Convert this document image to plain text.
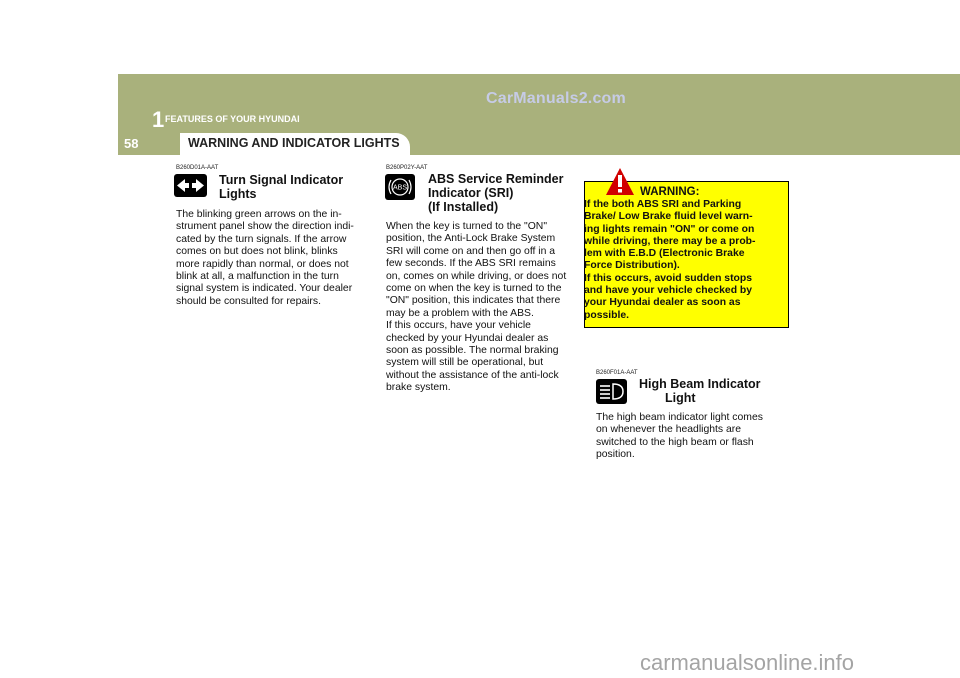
CarManuals2.com
1 FEATURES OF YOUR HYUNDAI
58	WARNING AND INDICATOR LIGHTS
B260D01A-AAT
Turn Signal Indicator
Lights
The blinking green arrows on the in-
strument panel show the direction indi-
cated by the turn signals. If the arrow
comes on but does not blink, blinks
more rapidly than normal, or does not
blink at all, a malfunction in the turn
signal system is indicated. Your dealer
should be consulted for repairs.
B260P02Y-AAT
ABS
ABS Service Reminder
Indicator (SRI)
(If Installed)
When the key is turned to the "ON"
position, the Anti-Lock Brake System
SRI will come on and then go off in a
few seconds. If the ABS SRI remains
on, comes on while driving, or does not
come on when the key is turned to the
"ON" position, this indicates that there
may be a problem with the ABS.
If this occurs, have your vehicle
checked by your Hyundai dealer as
soon as possible. The normal braking
system will still be operational, but
without the assistance of the anti-lock
brake system.
WARNING:
If the both ABS SRI and Parking
Brake/ Low Brake fluid level warn-
ing lights remain "ON" or come on
while driving, there may be a prob-
lem with E.B.D (Electronic Brake
Force Distribution).
If this occurs, avoid sudden stops
and have your vehicle checked by
your Hyundai dealer as soon as
possible.
B260F01A-AAT
High Beam Indicator
Light
The high beam indicator light comes
on whenever the headlights are
switched to the high beam or flash
position.
carmanualsonline.info
